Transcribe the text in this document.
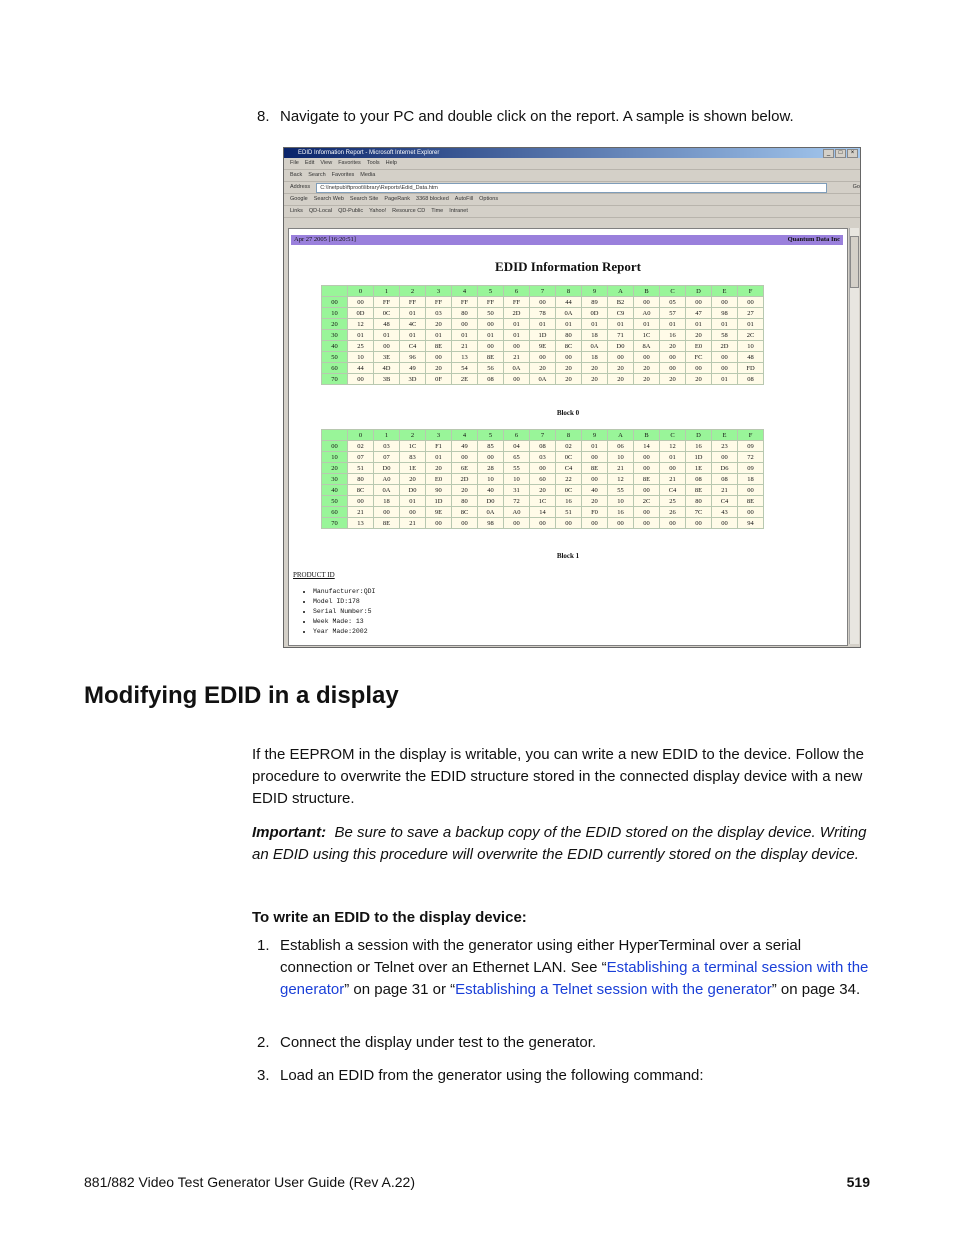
8. Navigate to your PC and double click on the report. A sample is shown below.
EDID Information Report - Microsoft Internet Explorer	_	□	×
File Edit View Favorites Tools Help
Back Search Favorites Media
Address	C:\Inetpub\ftproot\library\Reports\Edid_Data.htm	Go
Google Search Web Search Site PageRank 3368 blocked AutoFill Options
Links QD-Local QD-Public Yahoo! Resource CD Time Intranet
Apr 27 2005 [16:20:51]	Quantum Data Inc
EDID Information Report
	0	1	2	3	4	5	6	7	8	9	A	B	C	D	E	F
00	00	FF	FF	FF	FF	FF	FF	00	44	89	B2	00	05	00	00	00
10	0D	0C	01	03	80	50	2D	78	0A	0D	C9	A0	57	47	98	27
20	12	48	4C	20	00	00	01	01	01	01	01	01	01	01	01	01
30	01	01	01	01	01	01	01	1D	80	18	71	1C	16	20	58	2C
40	25	00	C4	8E	21	00	00	9E	8C	0A	D0	8A	20	E0	2D	10
50	10	3E	96	00	13	8E	21	00	00	18	00	00	00	FC	00	48
60	44	4D	49	20	54	56	0A	20	20	20	20	20	00	00	00	FD
70	00	3B	3D	0F	2E	08	00	0A	20	20	20	20	20	20	01	08
Block 0
	0	1	2	3	4	5	6	7	8	9	A	B	C	D	E	F
00	02	03	1C	F1	49	85	04	08	02	01	06	14	12	16	23	09
10	07	07	83	01	00	00	65	03	0C	00	10	00	01	1D	00	72
20	51	D0	1E	20	6E	28	55	00	C4	8E	21	00	00	1E	D6	09
30	80	A0	20	E0	2D	10	10	60	22	00	12	8E	21	08	08	18
40	8C	0A	D0	90	20	40	31	20	0C	40	55	00	C4	8E	21	00
50	00	18	01	1D	80	D0	72	1C	16	20	10	2C	25	80	C4	8E
60	21	00	00	9E	8C	0A	A0	14	51	F0	16	00	26	7C	43	00
70	13	8E	21	00	00	98	00	00	00	00	00	00	00	00	00	94
Block 1
PRODUCT ID
• Manufacturer:QDI
• Model ID:178
• Serial Number:5
• Week Made: 13
• Year Made:2002
Modifying EDID in a display
If the EEPROM in the display is writable, you can write a new EDID to the device. Follow the procedure to overwrite the EDID structure stored in the connected display device with a new EDID structure.
Important: Be sure to save a backup copy of the EDID stored on the display device. Writing an EDID using this procedure will overwrite the EDID currently stored on the display device.
To write an EDID to the display device:
1. Establish a session with the generator using either HyperTerminal over a serial connection or Telnet over an Ethernet LAN. See “Establishing a terminal session with the generator” on page 31 or “Establishing a Telnet session with the generator” on page 34.
2. Connect the display under test to the generator.
3. Load an EDID from the generator using the following command:
881/882 Video Test Generator User Guide (Rev A.22)	519
